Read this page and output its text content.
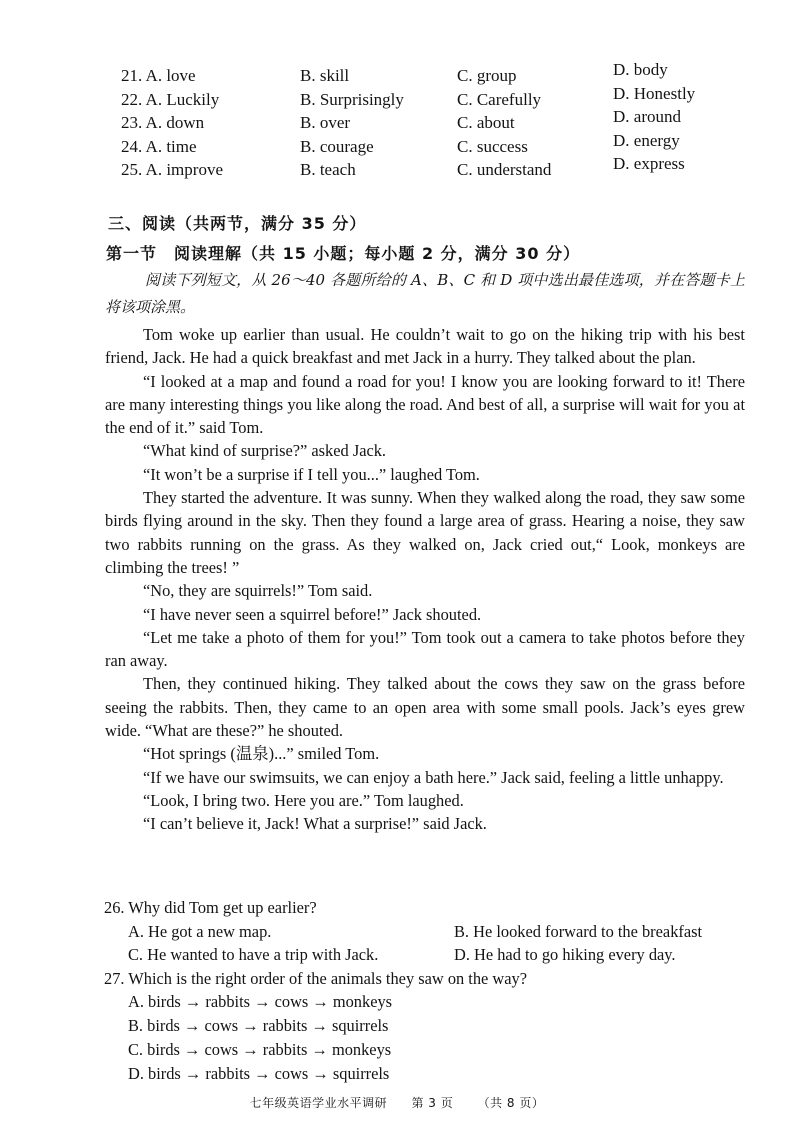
21. A. love	B. skill	C. group	D. body
22. A. Luckily	B. Surprisingly	C. Carefully	D. Honestly
23. A. down	B. over	C. about	D. around
24. A. time	B. courage	C. success	D. energy
25. A. improve	B. teach	C. understand	D. express
三、阅读（共两节，满分 35 分）
第一节　阅读理解（共 15 小题；每小题 2 分，满分 30 分）
阅读下列短文，从 26～40 各题所给的 A、B、C 和 D 项中选出最佳选项，并在答题卡上将该项涂黑。

Tom woke up earlier than usual. He couldn’t wait to go on the hiking trip with his best friend, Jack. He had a quick breakfast and met Jack in a hurry. They talked about the plan.

“I looked at a map and found a road for you! I know you are looking forward to it! There are many interesting things you like along the road. And best of all, a surprise will wait for you at the end of it.” said Tom.

“What kind of surprise?” asked Jack.

“It won’t be a surprise if I tell you...” laughed Tom.

They started the adventure. It was sunny. When they walked along the road, they saw some birds flying around in the sky. Then they found a large area of grass. Hearing a noise, they saw two rabbits running on the grass. As they walked on, Jack cried out,“ Look, monkeys are climbing the trees! ”

“No, they are squirrels!” Tom said.

“I have never seen a squirrel before!” Jack shouted.

“Let me take a photo of them for you!” Tom took out a camera to take photos before they ran away.

Then, they continued hiking. They talked about the cows they saw on the grass before seeing the rabbits. Then, they came to an open area with some small pools. Jack’s eyes grew wide. “What are these?” he shouted.

“Hot springs (温泉)...” smiled Tom.

“If we have our swimsuits, we can enjoy a bath here.” Jack said, feeling a little unhappy.

“Look, I bring two. Here you are.” Tom laughed.

“I can’t believe it, Jack! What a surprise!” said Jack.

26. Why did Tom get up earlier?
A. He got a new map.	B. He looked forward to the breakfast
C. He wanted to have a trip with Jack.	D. He had to go hiking every day.
27. Which is the right order of the animals they saw on the way?
A. birds → rabbits → cows → monkeys
B. birds → cows → rabbits → squirrels
C. birds → cows → rabbits → monkeys
D. birds → rabbits → cows → squirrels
七年级英语学业水平调研 第 3 页 （共 8 页）
